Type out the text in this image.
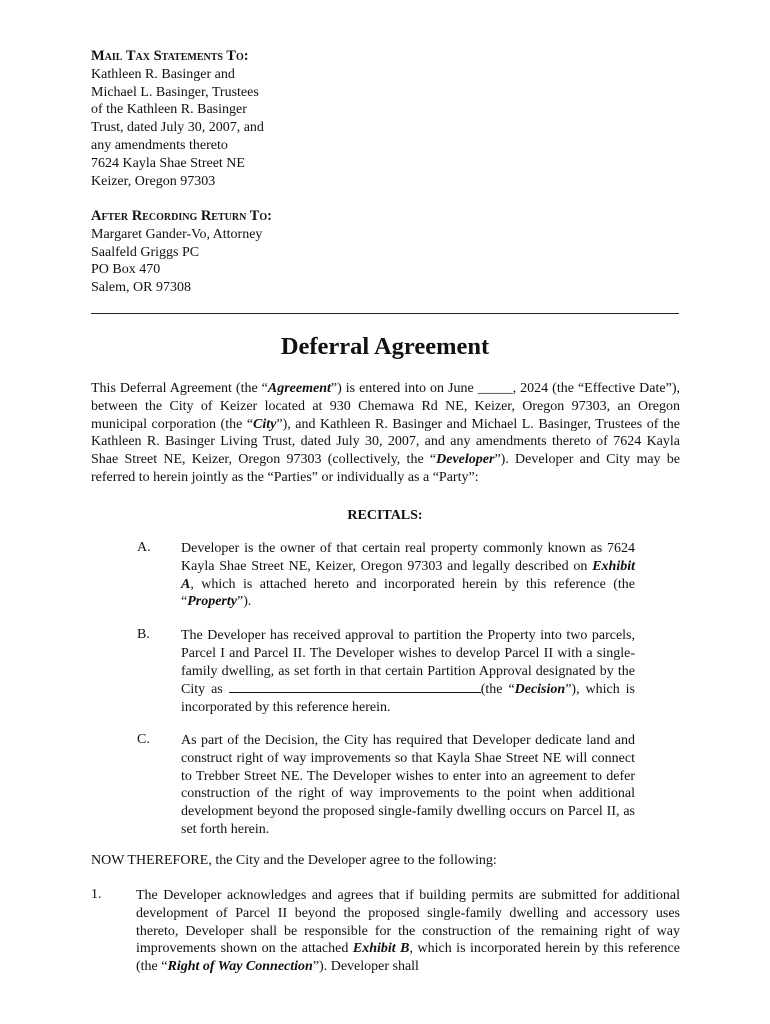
Mail Tax Statements To:
Kathleen R. Basinger and
Michael L. Basinger, Trustees
of the Kathleen R. Basinger
Trust, dated July 30, 2007, and
any amendments thereto
7624 Kayla Shae Street NE
Keizer, Oregon 97303
After Recording Return To:
Margaret Gander-Vo, Attorney
Saalfeld Griggs PC
PO Box 470
Salem, OR 97308
Deferral Agreement
This Deferral Agreement (the “Agreement”) is entered into on June _____, 2024 (the “Effective Date”), between the City of Keizer located at 930 Chemawa Rd NE, Keizer, Oregon 97303, an Oregon municipal corporation (the “City”), and Kathleen R. Basinger and Michael L. Basinger, Trustees of the Kathleen R. Basinger Living Trust, dated July 30, 2007, and any amendments thereto of 7624 Kayla Shae Street NE, Keizer, Oregon 97303 (collectively, the “Developer”). Developer and City may be referred to herein jointly as the “Parties” or individually as a “Party”:
RECITALS:
A. Developer is the owner of that certain real property commonly known as 7624 Kayla Shae Street NE, Keizer, Oregon 97303 and legally described on Exhibit A, which is attached hereto and incorporated herein by this reference (the “Property”).
B. The Developer has received approval to partition the Property into two parcels, Parcel I and Parcel II. The Developer wishes to develop Parcel II with a single-family dwelling, as set forth in that certain Partition Approval designated by the City as	(the “Decision”), which is incorporated by this reference herein.
C. As part of the Decision, the City has required that Developer dedicate land and construct right of way improvements so that Kayla Shae Street NE will connect to Trebber Street NE. The Developer wishes to enter into an agreement to defer construction of the right of way improvements to the point when additional development beyond the proposed single-family dwelling occurs on Parcel II, as set forth herein.
NOW THEREFORE, the City and the Developer agree to the following:
1. The Developer acknowledges and agrees that if building permits are submitted for additional development of Parcel II beyond the proposed single-family dwelling and accessory uses thereto, Developer shall be responsible for the construction of the remaining right of way improvements shown on the attached Exhibit B, which is incorporated herein by this reference (the “Right of Way Connection”). Developer shall
